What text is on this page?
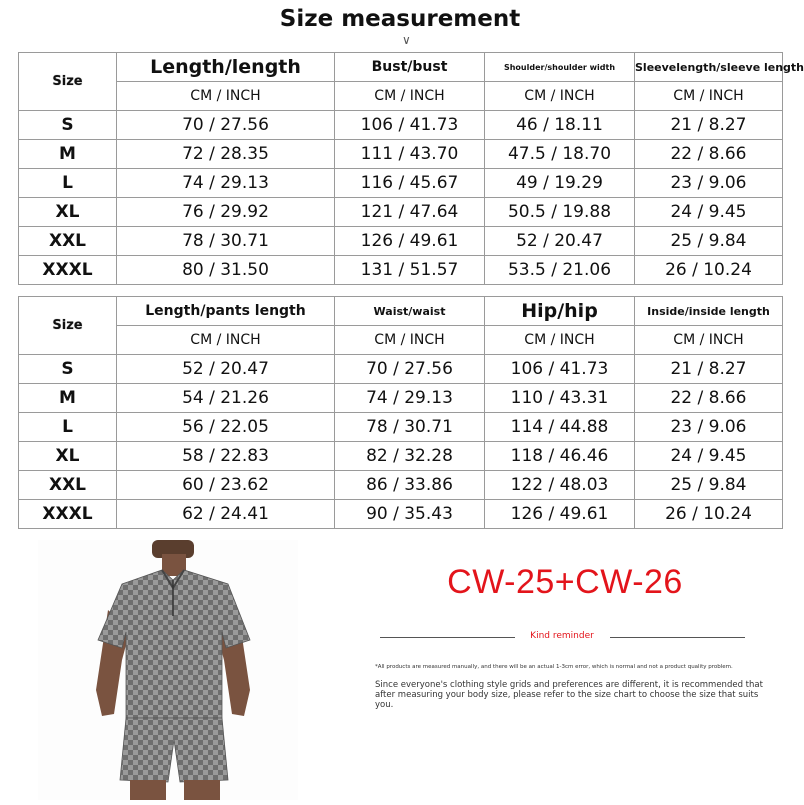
Size measurement
∨
Size	Length/length	Bust/bust	Shoulder/shoulder width	Sleevelength/sleeve length
	CM / INCH	CM / INCH	CM / INCH	CM / INCH
S	70 / 27.56	106 / 41.73	46 / 18.11	21 / 8.27
M	72 / 28.35	111 / 43.70	47.5 / 18.70	22 / 8.66
L	74 / 29.13	116 / 45.67	49 / 19.29	23 / 9.06
XL	76 / 29.92	121 / 47.64	50.5 / 19.88	24 / 9.45
XXL	78 / 30.71	126 / 49.61	52 / 20.47	25 / 9.84
XXXL	80 / 31.50	131 / 51.57	53.5 / 21.06	26 / 10.24
Size	Length/pants length	Waist/waist	Hip/hip	Inside/inside length
	CM / INCH	CM / INCH	CM / INCH	CM / INCH
S	52 / 20.47	70 / 27.56	106 / 41.73	21 / 8.27
M	54 / 21.26	74 / 29.13	110 / 43.31	22 / 8.66
L	56 / 22.05	78 / 30.71	114 / 44.88	23 / 9.06
XL	58 / 22.83	82 / 32.28	118 / 46.46	24 / 9.45
XXL	60 / 23.62	86 / 33.86	122 / 48.03	25 / 9.84
XXXL	62 / 24.41	90 / 35.43	126 / 49.61	26 / 10.24
CW-25+CW-26
Kind reminder
*All products are measured manually, and there will be an actual 1-3cm error, which is normal and not a product quality problem.
Since everyone's clothing style grids and preferences are different, it is recommended that after measuring your body size, please refer to the size chart to choose the size that suits you.
